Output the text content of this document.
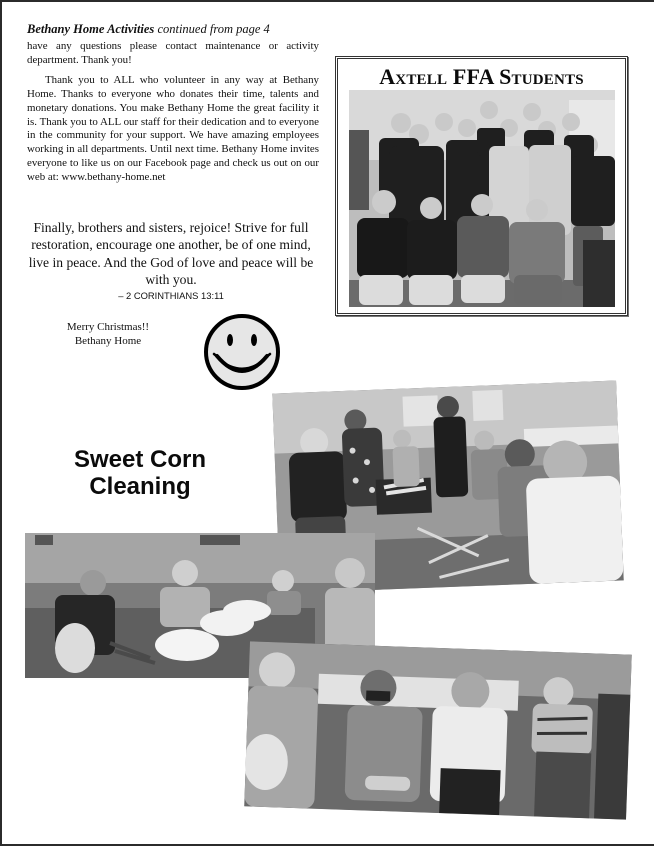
Bethany Home Activities continued from page 4

have any questions please contact maintenance or activity department. Thank you!

Thank you to ALL who volunteer in any way at Bethany Home. Thanks to everyone who donates their time, talents and monetary donations. You make Bethany Home the great facility it is. Thank you to ALL our staff for their dedication and to everyone in the community for your support. We have amazing employees working in all departments. Until next time. Bethany Home invites everyone to like us on our Facebook page and check us out on our web at: www.bethany-home.net

Finally, brothers and sisters, rejoice! Strive for full restoration, encourage one another, be of one mind, live in peace. And the God of love and peace will be with you.
– 2 CORINTHIANS 13:11
Merry Christmas!!
Bethany Home
Axtell FFA Students
Sweet Corn
Cleaning
